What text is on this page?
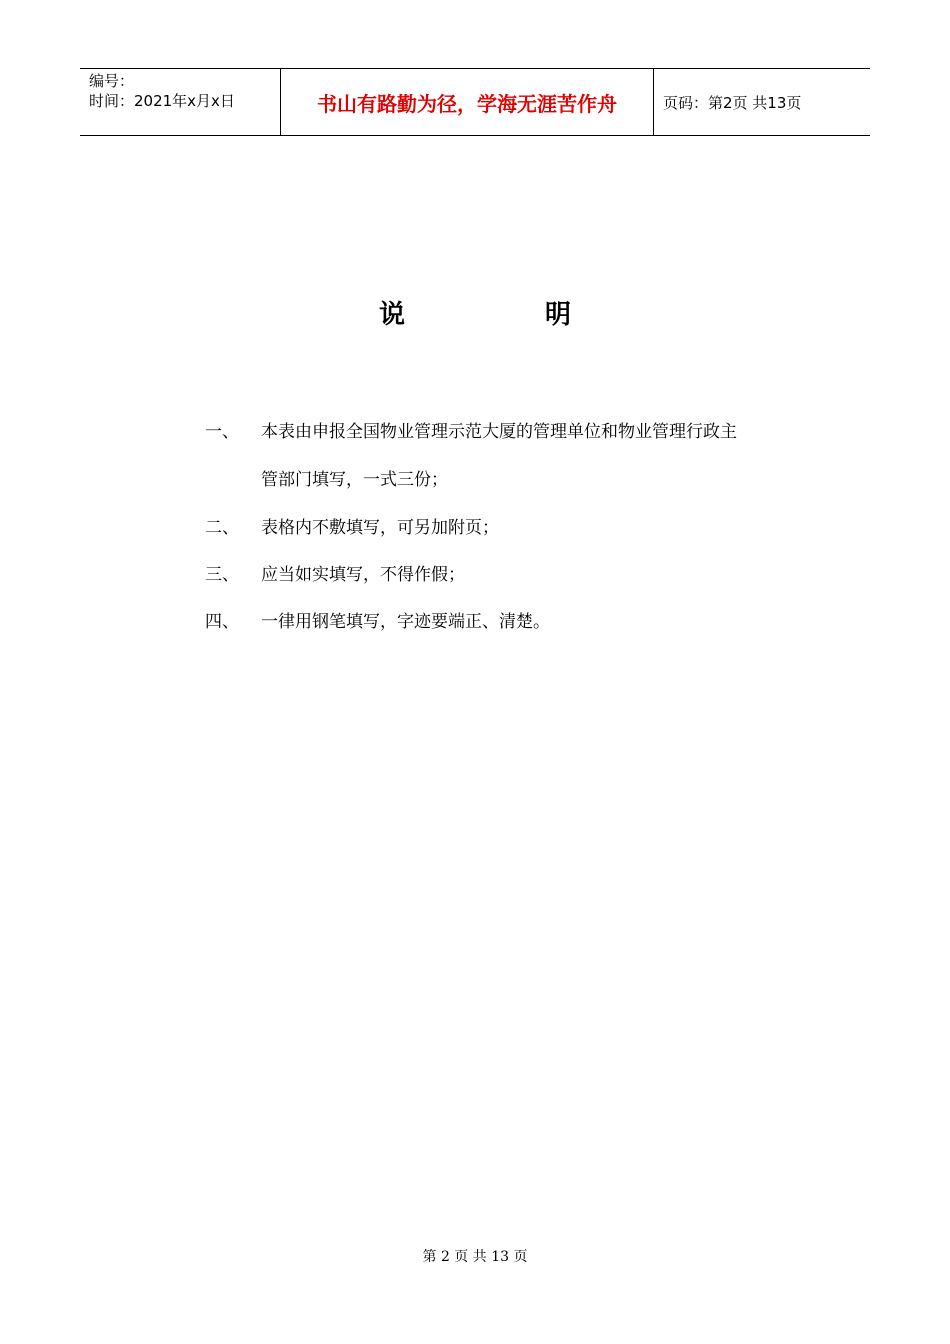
编号：
时间：2021年x月x日	书山有路勤为径，学海无涯苦作舟	页码：第2页 共13页
说	明
一、	本表由申报全国物业管理示范大厦的管理单位和物业管理行政主
管部门填写，一式三份；
二、	表格内不敷填写，可另加附页；
三、	应当如实填写，不得作假；
四、	一律用钢笔填写，字迹要端正、清楚。
第 2 页 共 13 页
